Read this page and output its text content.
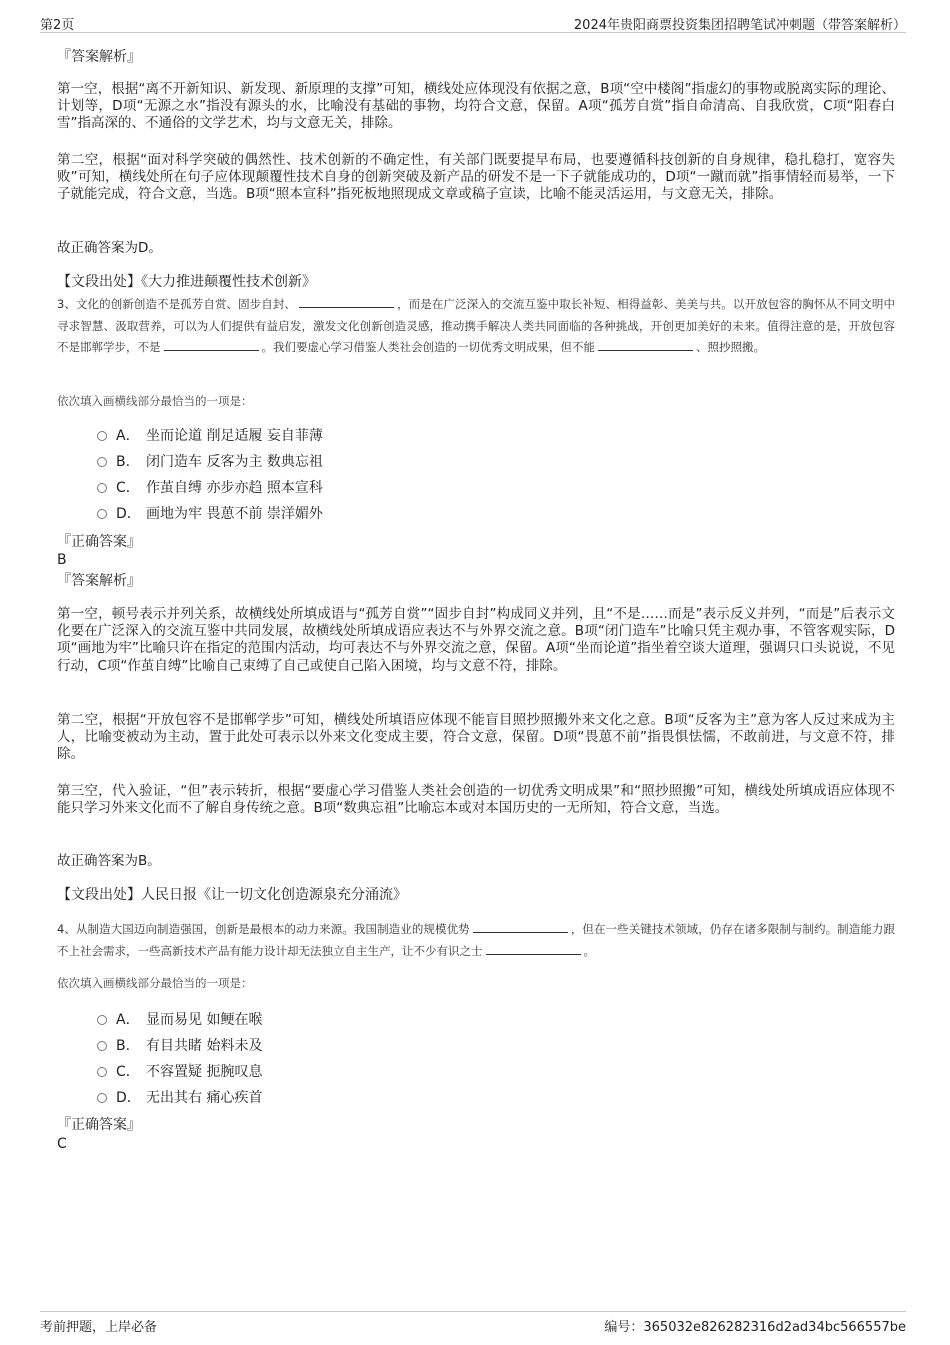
第2页	2024年贵阳商票投资集团招聘笔试冲刺题（带答案解析）
『答案解析』
第一空，根据“离不开新知识、新发现、新原理的支撑”可知，横线处应体现没有依据之意，B项“空中楼阁”指虚幻的事物或脱离实际的理论、计划等，D项“无源之水”指没有源头的水，比喻没有基础的事物，均符合文意，保留。A项“孤芳自赏”指自命清高、自我欣赏，C项“阳春白雪”指高深的、不通俗的文学艺术，均与文意无关，排除。
第二空，根据“面对科学突破的偶然性、技术创新的不确定性，有关部门既要提早布局，也要遵循科技创新的自身规律，稳扎稳打，宽容失败”可知，横线处所在句子应体现颠覆性技术自身的创新突破及新产品的研发不是一下子就能成功的，D项“一蹴而就”指事情轻而易举，一下子就能完成，符合文意，当选。B项“照本宣科”指死板地照现成文章或稿子宣读，比喻不能灵活运用，与文意无关，排除。
故正确答案为D。
【文段出处】《大力推进颠覆性技术创新》
3、文化的创新创造不是孤芳自赏、固步自封、	，而是在广泛深入的交流互鉴中取长补短、相得益彰、美美与共。以开放包容的胸怀从不同文明中寻求智慧、汲取营养，可以为人们提供有益启发，激发文化创新创造灵感，推动携手解决人类共同面临的各种挑战，开创更加美好的未来。值得注意的是，开放包容不是邯郸学步，不是	。我们要虚心学习借鉴人类社会创造的一切优秀文明成果，但不能	、照抄照搬。
依次填入画横线部分最恰当的一项是：
A． 坐而论道 削足适履 妄自菲薄
B． 闭门造车 反客为主 数典忘祖
C． 作茧自缚 亦步亦趋 照本宣科
D． 画地为牢 畏葸不前 崇洋媚外
『正确答案』
B
『答案解析』
第一空，顿号表示并列关系，故横线处所填成语与“孤芳自赏”“固步自封”构成同义并列，且“不是……而是”表示反义并列，“而是”后表示文化要在广泛深入的交流互鉴中共同发展，故横线处所填成语应表达不与外界交流之意。B项“闭门造车”比喻只凭主观办事，不管客观实际，D项“画地为牢”比喻只许在指定的范围内活动，均可表达不与外界交流之意，保留。A项“坐而论道”指坐着空谈大道理，强调只口头说说，不见行动，C项“作茧自缚”比喻自己束缚了自己或使自己陷入困境，均与文意不符，排除。
第二空，根据“开放包容不是邯郸学步”可知，横线处所填语应体现不能盲目照抄照搬外来文化之意。B项“反客为主”意为客人反过来成为主人，比喻变被动为主动，置于此处可表示以外来文化变成主要，符合文意，保留。D项“畏葸不前”指畏惧怯懦，不敢前进，与文意不符，排除。
第三空，代入验证，“但”表示转折，根据“要虚心学习借鉴人类社会创造的一切优秀文明成果”和“照抄照搬”可知，横线处所填成语应体现不能只学习外来文化而不了解自身传统之意。B项“数典忘祖”比喻忘本或对本国历史的一无所知，符合文意，当选。
故正确答案为B。
【文段出处】人民日报《让一切文化创造源泉充分涌流》
4、从制造大国迈向制造强国，创新是最根本的动力来源。我国制造业的规模优势	，但在一些关键技术领域，仍存在诸多限制与制约。制造能力跟不上社会需求，一些高新技术产品有能力设计却无法独立自主生产，让不少有识之士	。
依次填入画横线部分最恰当的一项是：
A． 显而易见 如鲠在喉
B． 有目共睹 始料未及
C． 不容置疑 扼腕叹息
D． 无出其右 痛心疾首
『正确答案』
C
考前押题，上岸必备	编号：365032e826282316d2ad34bc566557be
